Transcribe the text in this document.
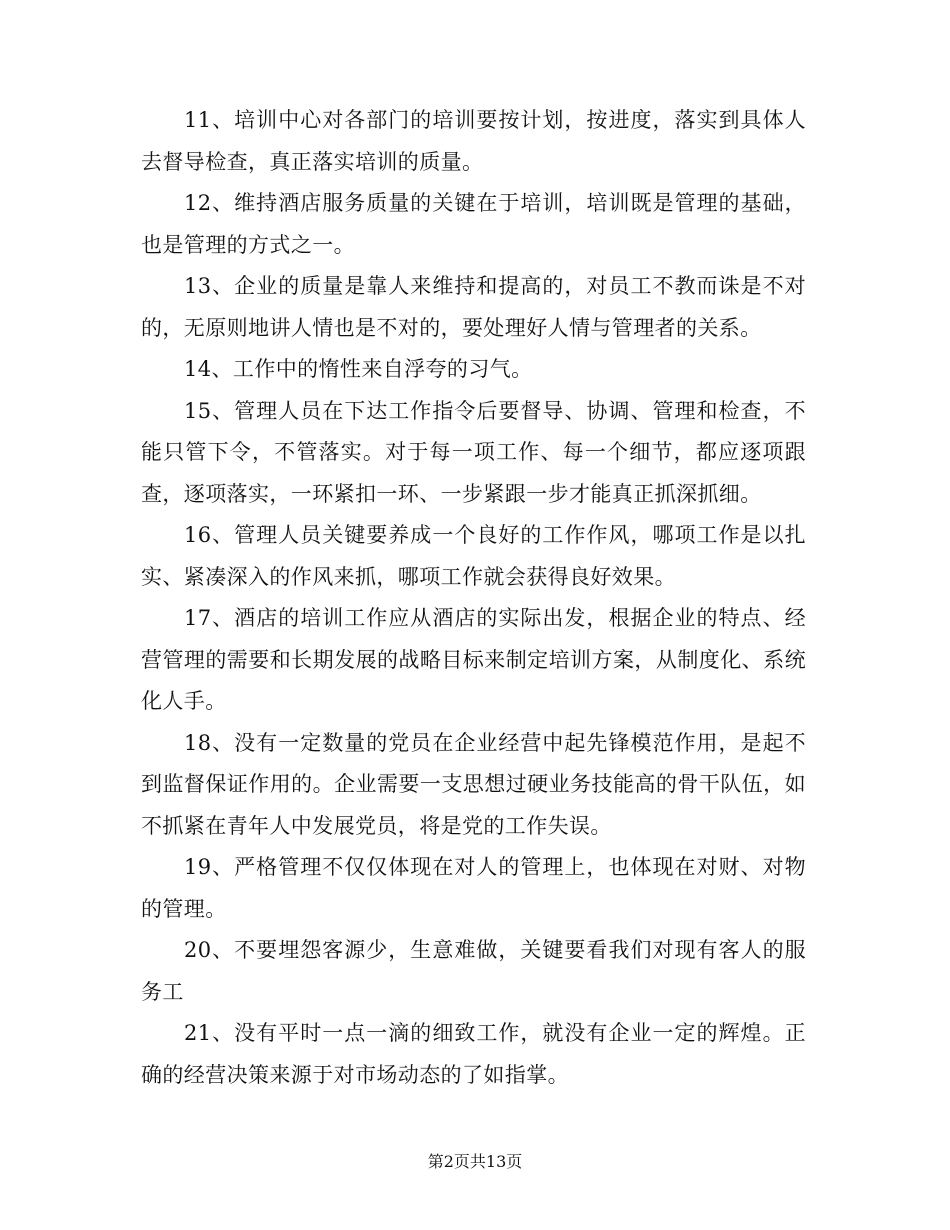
11、培训中心对各部门的培训要按计划，按进度，落实到具体人去督导检查，真正落实培训的质量。

12、维持酒店服务质量的关键在于培训，培训既是管理的基础，也是管理的方式之一。

13、企业的质量是靠人来维持和提高的，对员工不教而诛是不对的，无原则地讲人情也是不对的，要处理好人情与管理者的关系。

14、工作中的惰性来自浮夸的习气。

15、管理人员在下达工作指令后要督导、协调、管理和检查，不能只管下令，不管落实。对于每一项工作、每一个细节，都应逐项跟查，逐项落实，一环紧扣一环、一步紧跟一步才能真正抓深抓细。

16、管理人员关键要养成一个良好的工作作风，哪项工作是以扎实、紧凑深入的作风来抓，哪项工作就会获得良好效果。

17、酒店的培训工作应从酒店的实际出发，根据企业的特点、经营管理的需要和长期发展的战略目标来制定培训方案，从制度化、系统化人手。

18、没有一定数量的党员在企业经营中起先锋模范作用，是起不到监督保证作用的。企业需要一支思想过硬业务技能高的骨干队伍，如不抓紧在青年人中发展党员，将是党的工作失误。

19、严格管理不仅仅体现在对人的管理上，也体现在对财、对物的管理。

20、不要埋怨客源少，生意难做，关键要看我们对现有客人的服务工

21、没有平时一点一滴的细致工作，就没有企业一定的辉煌。正确的经营决策来源于对市场动态的了如指掌。

第2页共13页
